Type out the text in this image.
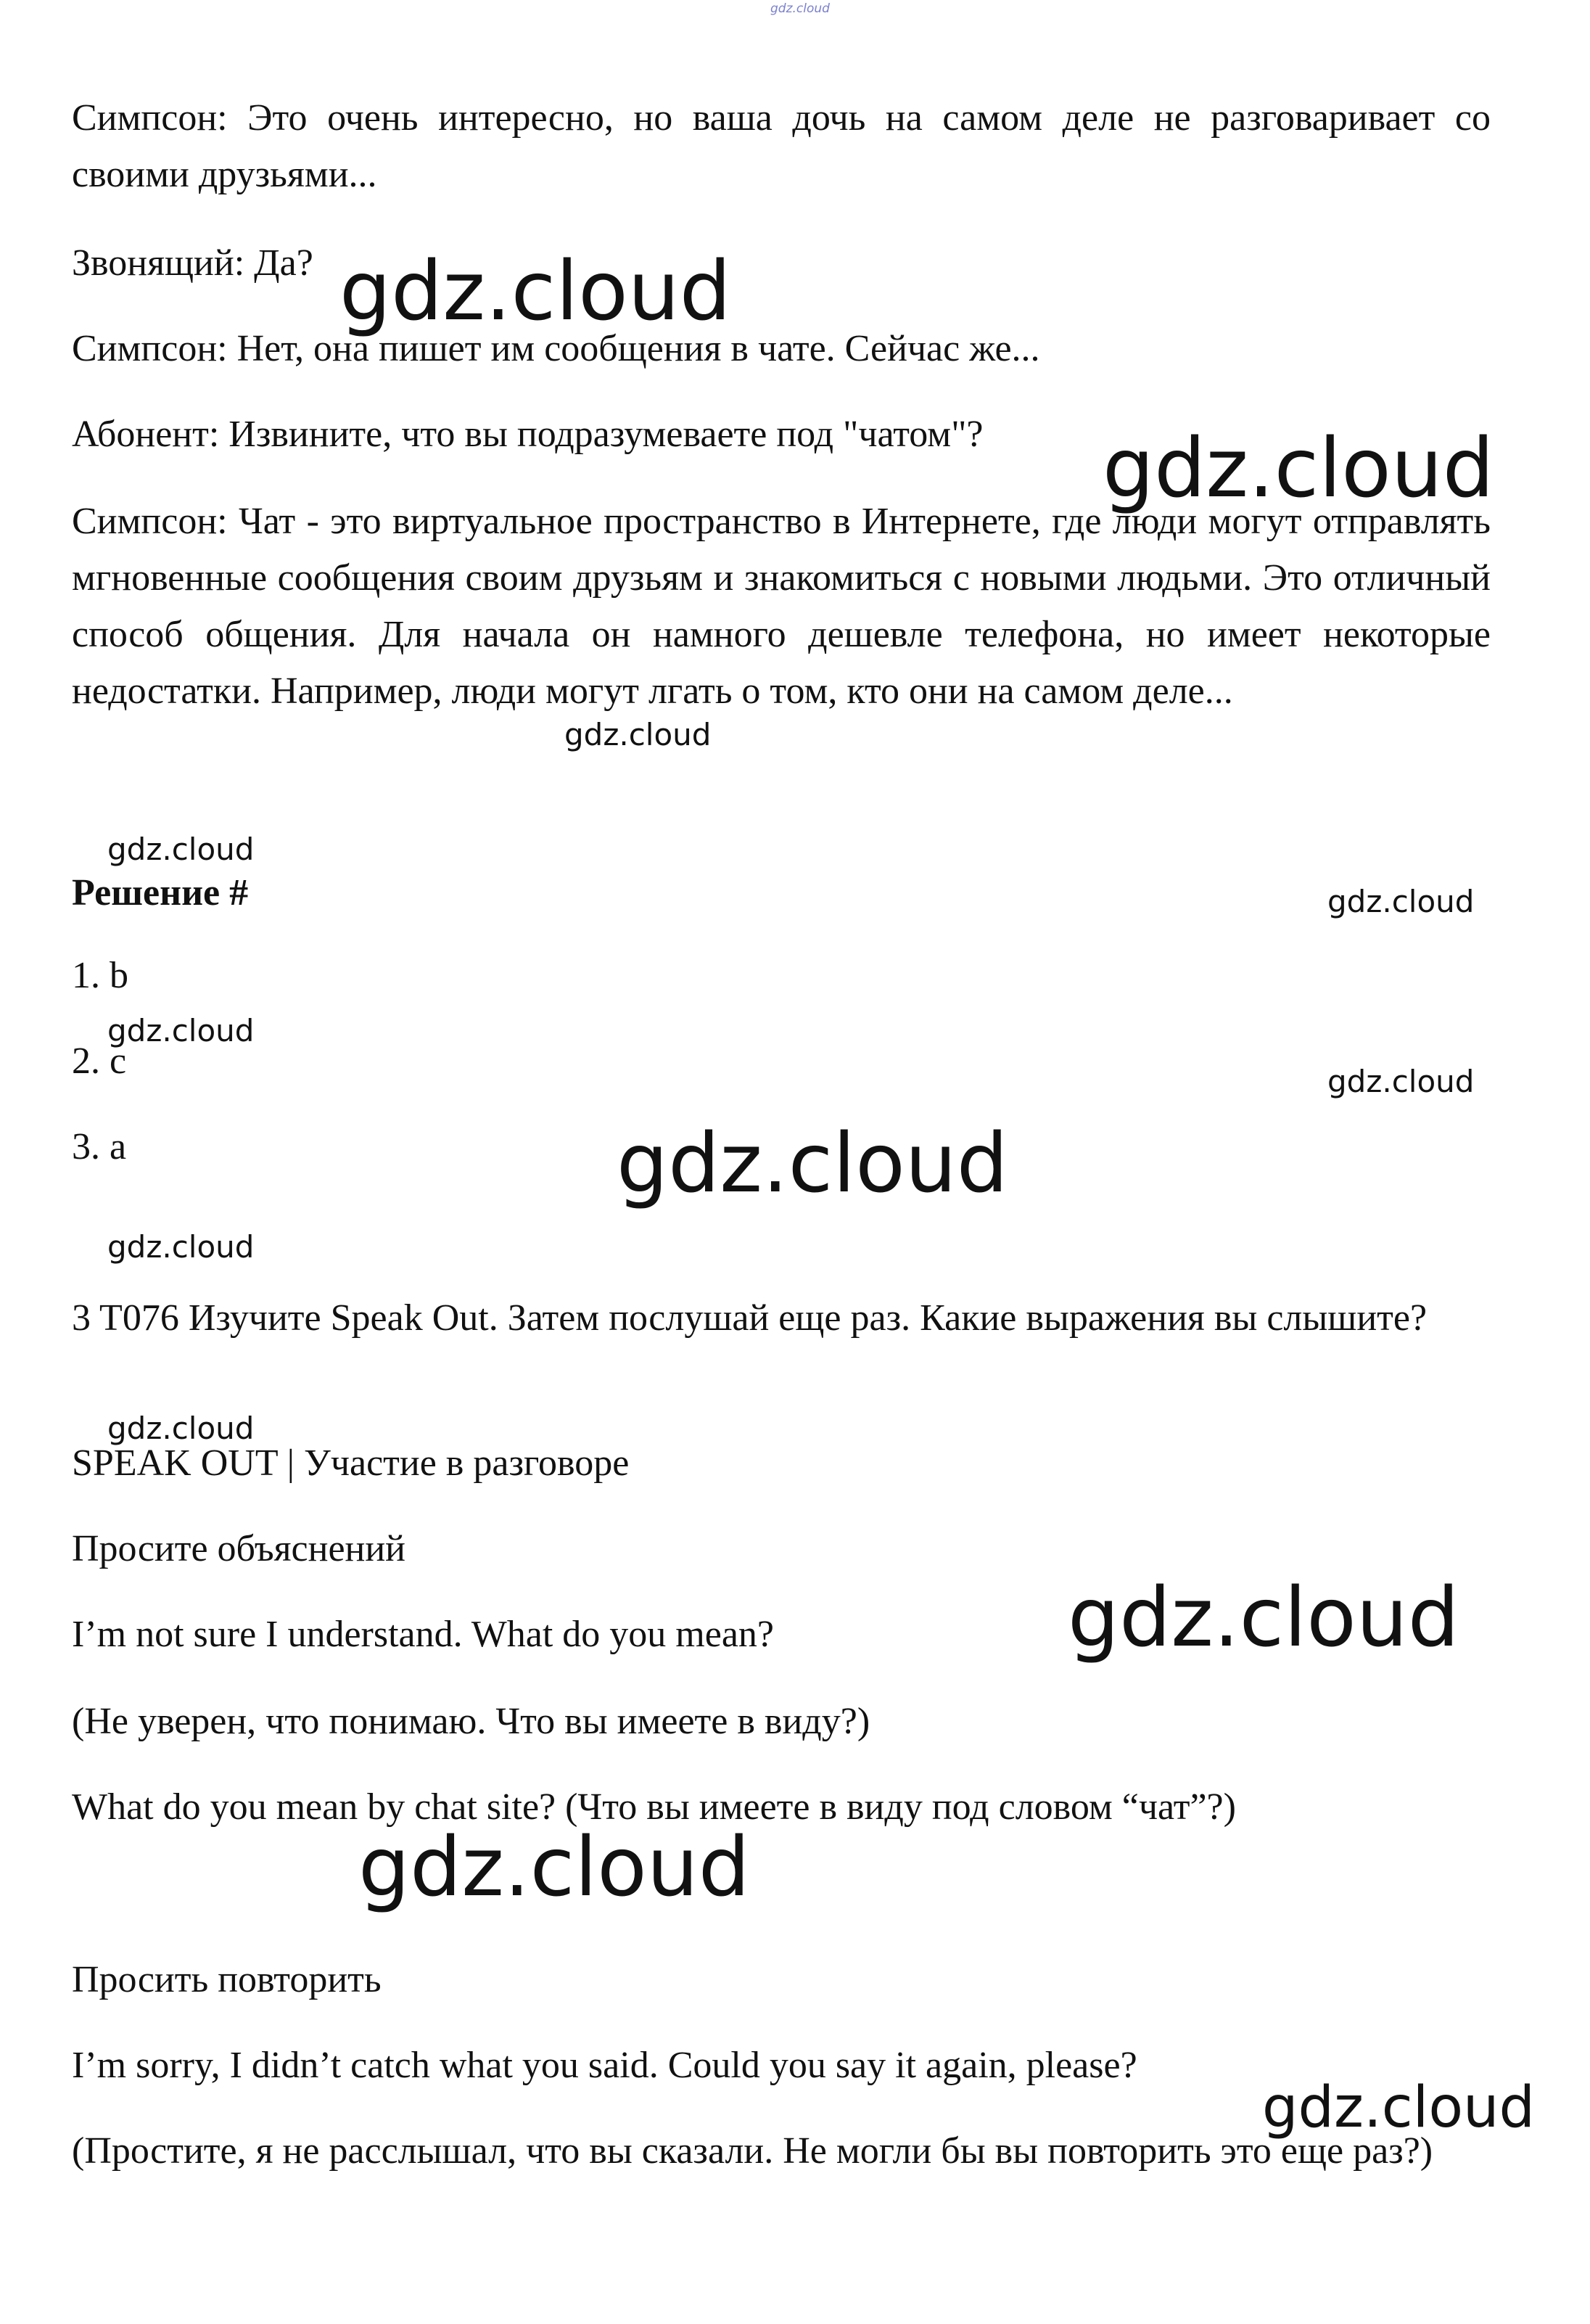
gdz.cloud

Симпсон: Это очень интересно, но ваша дочь на самом деле не разговаривает со своими друзьями...

Звонящий: Да?

Симпсон: Нет, она пишет им сообщения в чате. Сейчас же...

Абонент: Извините, что вы подразумеваете под "чатом"?

Симпсон: Чат - это виртуальное пространство в Интернете, где люди могут отправлять мгновенные сообщения своим друзьям и знакомиться с новыми людьми. Это отличный способ общения. Для начала он намного дешевле телефона, но имеет некоторые недостатки. Например, люди могут лгать о том, кто они на самом деле...

Решение #

1. b

2. c

3. a

3 T076 Изучите Speak Out. Затем послушай еще раз. Какие выражения вы слышите?

SPEAK OUT | Участие в разговоре

Просите объяснений

I’m not sure I understand. What do you mean?

(Не уверен, что понимаю. Что вы имеете в виду?)

What do you mean by chat site? (Что вы имеете в виду под словом “чат”?)

Просить повторить

I’m sorry, I didn’t catch what you said. Could you say it again, please?

(Простите, я не расслышал, что вы сказали. Не могли бы вы повторить это еще раз?)

gdz.cloud
gdz.cloud
gdz.cloud
gdz.cloud
gdz.cloud
gdz.cloud
gdz.cloud
gdz.cloud
gdz.cloud
gdz.cloud
gdz.cloud
gdz.cloud
gdz.cloud
